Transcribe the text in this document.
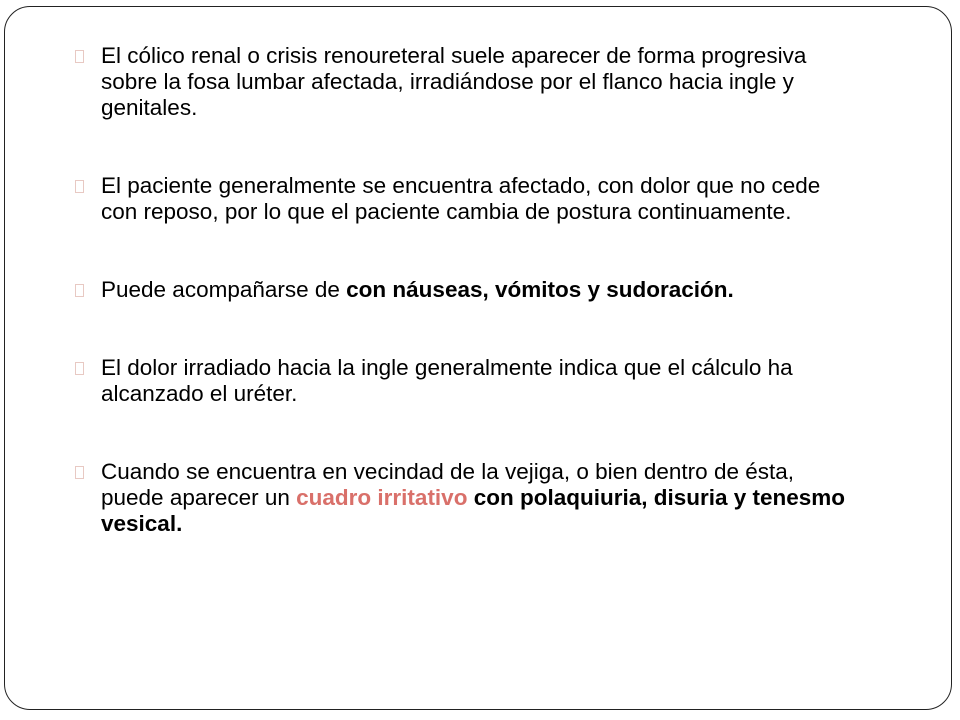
El cólico renal o crisis renoureteral suele aparecer de forma progresiva sobre la fosa lumbar afectada, irradiándose por el flanco hacia ingle y genitales.
El paciente generalmente se encuentra afectado, con dolor que no cede con reposo, por lo que el paciente cambia de postura continuamente.
Puede acompañarse de con náuseas, vómitos y sudoración.
El dolor irradiado hacia la ingle generalmente indica que el cálculo ha alcanzado el uréter.
Cuando se encuentra en vecindad de la vejiga, o bien dentro de ésta, puede aparecer un cuadro irritativo con polaquiuria, disuria y tenesmo vesical.
